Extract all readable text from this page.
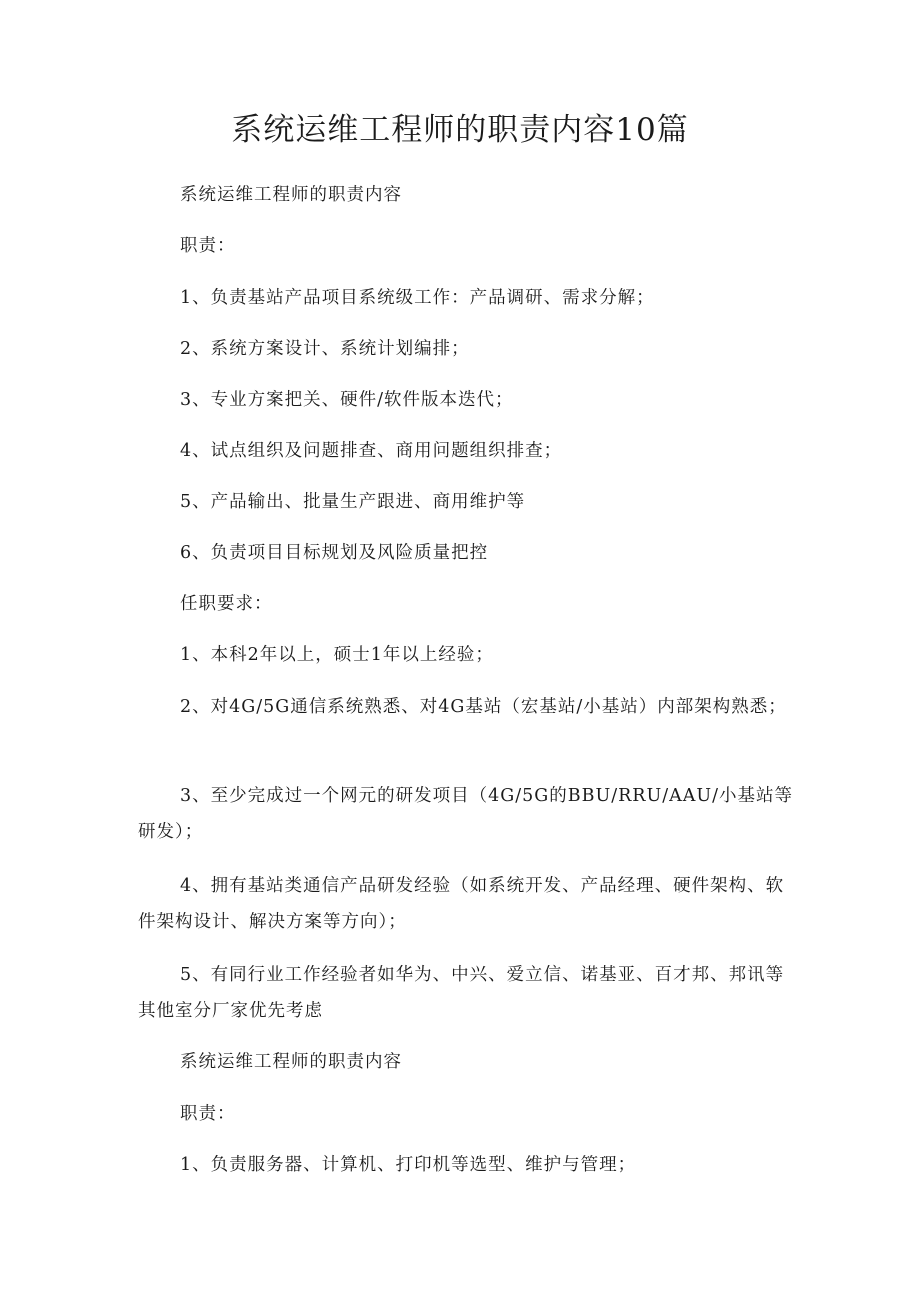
系统运维工程师的职责内容10篇

系统运维工程师的职责内容

职责：

1、负责基站产品项目系统级工作：产品调研、需求分解；

2、系统方案设计、系统计划编排；

3、专业方案把关、硬件/软件版本迭代；

4、试点组织及问题排查、商用问题组织排查；

5、产品输出、批量生产跟进、商用维护等

6、负责项目目标规划及风险质量把控

任职要求：

1、本科2年以上，硕士1年以上经验；

2、对4G/5G通信系统熟悉、对4G基站（宏基站/小基站）内部架构熟悉；

3、至少完成过一个网元的研发项目（4G/5G的BBU/RRU/AAU/小基站等研发）；

4、拥有基站类通信产品研发经验（如系统开发、产品经理、硬件架构、软件架构设计、解决方案等方向）；

5、有同行业工作经验者如华为、中兴、爱立信、诺基亚、百才邦、邦讯等其他室分厂家优先考虑

系统运维工程师的职责内容

职责：

1、负责服务器、计算机、打印机等选型、维护与管理；
